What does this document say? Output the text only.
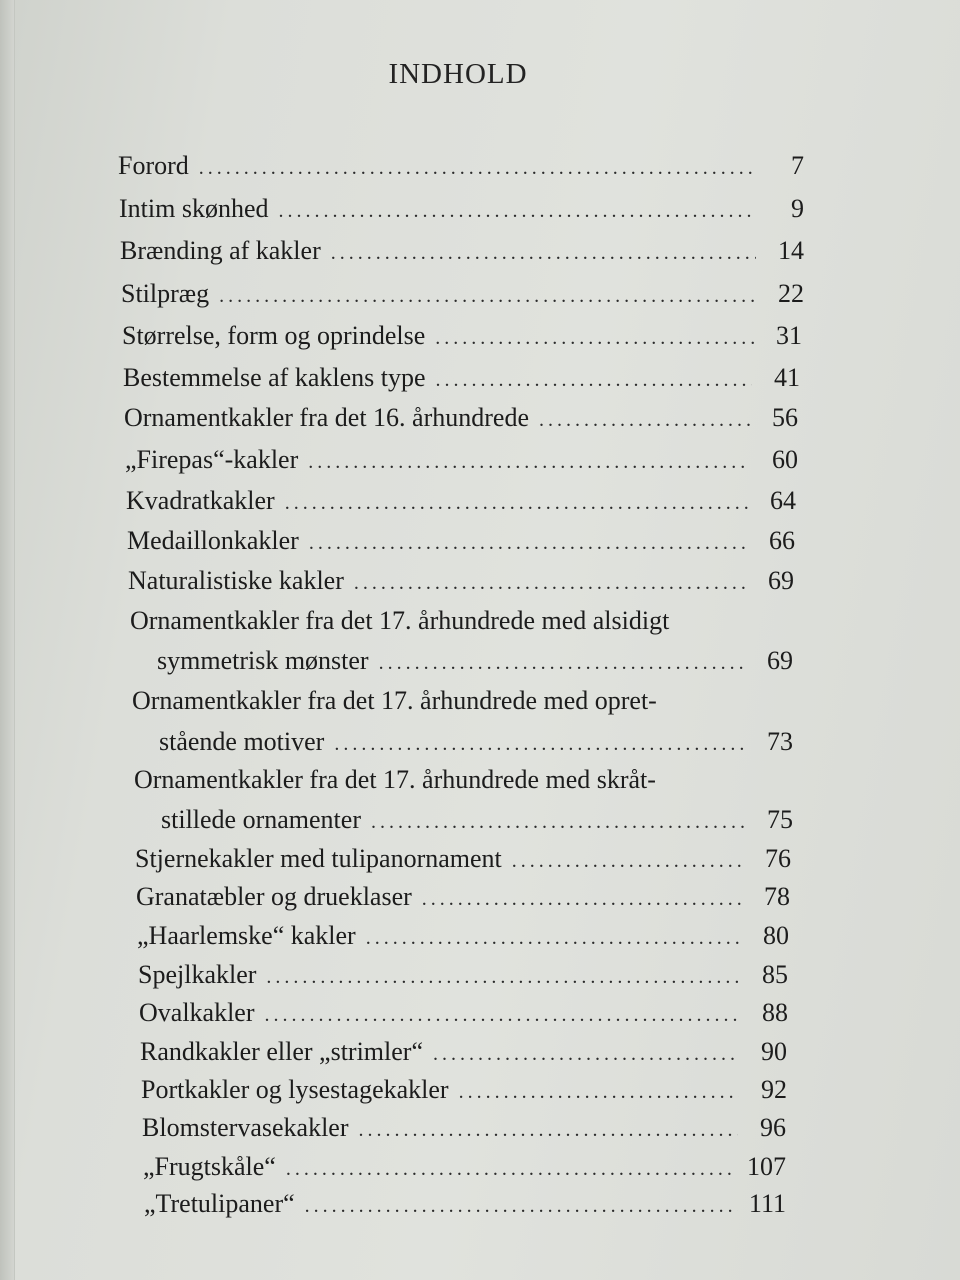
INDHOLD
Forord . . .	7
Intim skønhed . . .	9
Brænding af kakler . . .	14
Stilpræg . . .	22
Størrelse, form og oprindelse . . .	31
Bestemmelse af kaklens type . . .	41
Ornamentkakler fra det 16. århundrede . . .	56
„Firepas“-kakler . . .	60
Kvadratkakler . . .	64
Medaillonkakler . . .	66
Naturalistiske kakler . . .	69
Ornamentkakler fra det 17. århundrede med alsidigt
symmetrisk mønster . . .	69
Ornamentkakler fra det 17. århundrede med opret-
stående motiver . . .	73
Ornamentkakler fra det 17. århundrede med skråt-
stillede ornamenter . . .	75
Stjernekakler med tulipanornament . . .	76
Granatæbler og drueklaser . . .	78
„Haarlemske“ kakler . . .	80
Spejlkakler . . .	85
Ovalkakler . . .	88
Randkakler eller „strimler“ . . .	90
Portkakler og lysestagekakler . . .	92
Blomstervasekakler . . .	96
„Frugtskåle“ . . .	107
„Tretulipaner“ . . .	111
